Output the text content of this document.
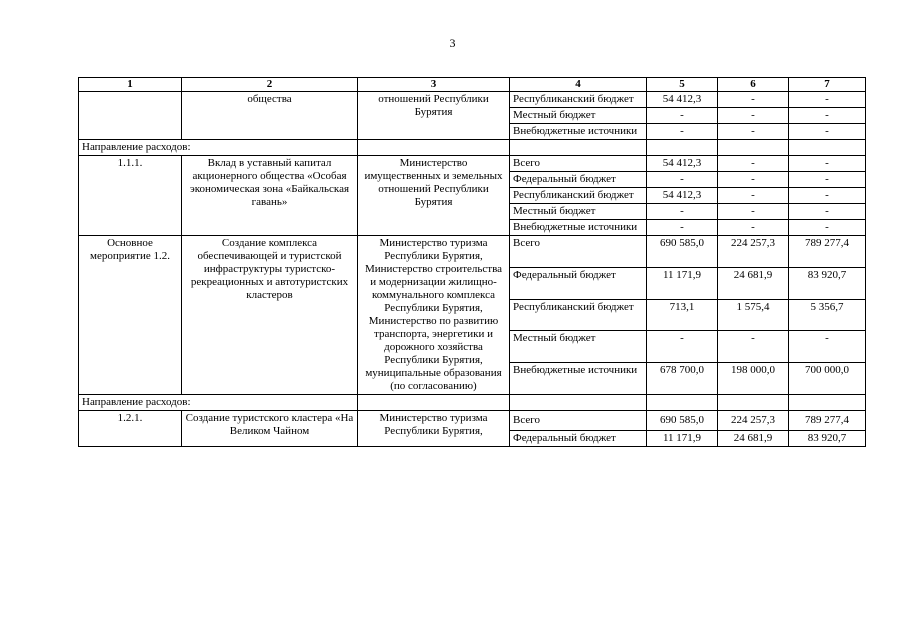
3
1	2	3	4	5	6	7
	общества	отношений Республики Бурятия	Республиканский бюджет	54 412,3	-	-
			Местный бюджет	-	-	-
			Внебюджетные источники	-	-	-
Направление расходов:						
1.1.1.	Вклад в уставный капитал акционерного общества «Особая экономическая зона «Байкальская гавань»	Министерство имущественных и земельных отношений Республики Бурятия	Всего	54 412,3	-	-
			Федеральный бюджет	-	-	-
			Республиканский бюджет	54 412,3	-	-
			Местный бюджет	-	-	-
			Внебюджетные источники	-	-	-
Основное мероприятие 1.2.	Создание комплекса обеспечивающей и туристской инфраструктуры туристско-рекреационных и автотуристских кластеров	Министерство туризма Республики Бурятия, Министерство строительства и модернизации жилищно-коммунального комплекса Республики Бурятия, Министерство по развитию транспорта, энергетики и дорожного хозяйства Республики Бурятия, муниципальные образования (по согласованию)	Всего	690 585,0	224 257,3	789 277,4
			Федеральный бюджет	11 171,9	24 681,9	83 920,7
			Республиканский бюджет	713,1	1 575,4	5 356,7
			Местный бюджет	-	-	-
			Внебюджетные источники	678 700,0	198 000,0	700 000,0
Направление расходов:						
1.2.1.	Создание туристского кластера «На Великом Чайном	Министерство туризма Республики Бурятия,	Всего	690 585,0	224 257,3	789 277,4
			Федеральный бюджет	11 171,9	24 681,9	83 920,7
